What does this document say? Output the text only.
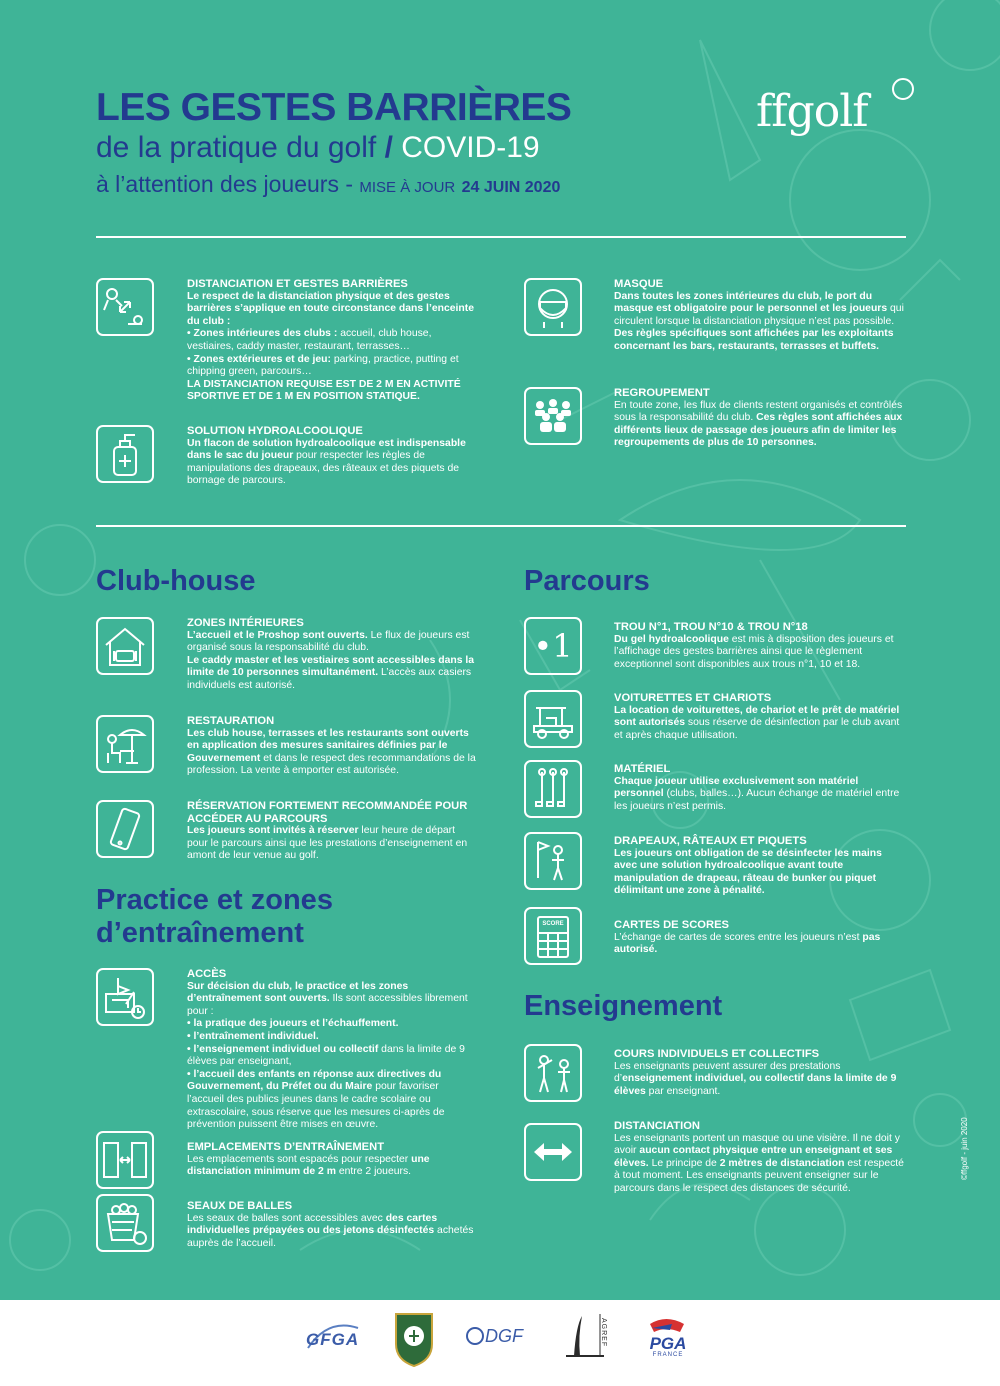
LES GESTES BARRIÈRES
de la pratique du golf / COVID-19
à l’attention des joueurs - MISE À JOUR 24 JUIN 2020
ffgolf
DISTANCIATION ET GESTES BARRIÈRES

Le respect de la distanciation physique et des gestes barrières s’applique en toute circonstance dans l’enceinte du club :

• Zones intérieures des clubs : accueil, club house, vestiaires, caddy master, restaurant, terrasses…

• Zones extérieures et de jeu: parking, practice, putting et chipping green, parcours…

LA DISTANCIATION REQUISE EST DE 2 M EN ACTIVITÉ SPORTIVE ET DE 1 M EN POSITION STATIQUE.

SOLUTION HYDROALCOOLIQUE

Un flacon de solution hydroalcoolique est indispensable dans le sac du joueur pour respecter les règles de manipulations des drapeaux, des râteaux et des piquets de bornage de parcours.

MASQUE

Dans toutes les zones intérieures du club, le port du masque est obligatoire pour le personnel et les joueurs qui circulent lorsque la distanciation physique n’est pas possible. Des règles spécifiques sont affichées par les exploitants concernant les bars, restaurants, terrasses et buffets.

REGROUPEMENT

En toute zone, les flux de clients restent organisés et contrôlés sous la responsabilité du club. Ces règles sont affichées aux différents lieux de passage des joueurs afin de limiter les regroupements de plus de 10 personnes.

Club-house
ZONES INTÉRIEURES

L’accueil et le Proshop sont ouverts. Le flux de joueurs est organisé sous la responsabilité du club.

Le caddy master et les vestiaires sont accessibles dans la limite de 10 personnes simultanément. L’accès aux casiers individuels est autorisé.

RESTAURATION

Les club house, terrasses et les restaurants sont ouverts en application des mesures sanitaires définies par le Gouvernement et dans le respect des recommandations de la profession. La vente à emporter est autorisée.

RÉSERVATION FORTEMENT RECOMMANDÉE POUR ACCÉDER AU PARCOURS

Les joueurs sont invités à réserver leur heure de départ pour le parcours ainsi que les prestations d’enseignement en amont de leur venue au golf.

Practice et zones
d’entraînement
ACCÈS

Sur décision du club, le practice et les zones d’entraînement sont ouverts. Ils sont accessibles librement pour :

• la pratique des joueurs et l’échauffement.

• l’entraînement individuel.

• l’enseignement individuel ou collectif dans la limite de 9 élèves par enseignant,

• l’accueil des enfants en réponse aux directives du Gouvernement, du Préfet ou du Maire pour favoriser l’accueil des publics jeunes dans le cadre scolaire ou extrascolaire, sous réserve que les mesures ci-après de prévention puissent être mises en œuvre.

EMPLACEMENTS D’ENTRAÎNEMENT

Les emplacements sont espacés pour respecter une distanciation minimum de 2 m entre 2 joueurs.

SEAUX DE BALLES

Les seaux de balles sont accessibles avec des cartes individuelles prépayées ou des jetons désinfectés achetés auprès de l’accueil.

Parcours
•1	TROU N°1, TROU N°10 & TROU N°18

Du gel hydroalcoolique est mis à disposition des joueurs et l’affichage des gestes barrières ainsi que le règlement exceptionnel sont disponibles aux trous n°1, 10 et 18.

VOITURETTES ET CHARIOTS

La location de voiturettes, de chariot et le prêt de matériel sont autorisés sous réserve de désinfection par le club avant et après chaque utilisation.

MATÉRIEL

Chaque joueur utilise exclusivement son matériel personnel (clubs, balles…). Aucun échange de matériel entre les joueurs n’est permis.

DRAPEAUX, RÂTEAUX ET PIQUETS

Les joueurs ont obligation de se désinfecter les mains avec une solution hydroalcoolique avant toute manipulation de drapeau, râteau de bunker ou piquet délimitant une zone à pénalité.

SCORE	CARTES DE SCORES

L’échange de cartes de scores entre les joueurs n’est pas autorisé.

Enseignement
COURS INDIVIDUELS ET COLLECTIFS

Les enseignants peuvent assurer des prestations d’enseignement individuel, ou collectif dans la limite de 9 élèves par enseignant.

DISTANCIATION

Les enseignants portent un masque ou une visière. Il ne doit y avoir aucun contact physique entre un enseignant et ses élèves. Le principe de 2 mètres de distanciation est respecté à tout moment. Les enseignants peuvent enseigner sur le parcours dans le respect des distances de sécurité.

©ffgolf - juin 2020
GFGA	DGF	AGREF	PGA
FRANCE
